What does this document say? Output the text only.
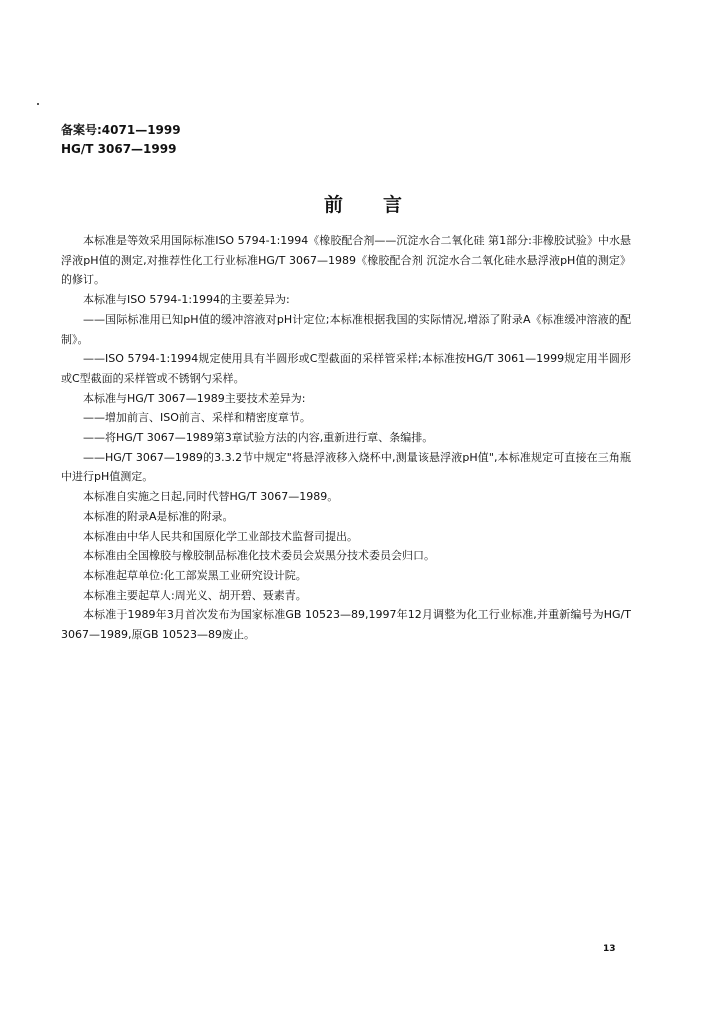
备案号:4071—1999
HG/T 3067—1999
前言

本标准是等效采用国际标准ISO 5794-1:1994《橡胶配合剂——沉淀水合二氧化硅 第1部分:非橡胶试验》中水悬浮液pH值的测定,对推荐性化工行业标准HG/T 3067—1989《橡胶配合剂 沉淀水合二氧化硅水悬浮液pH值的测定》的修订。

本标准与ISO 5794-1:1994的主要差异为:

——国际标准用已知pH值的缓冲溶液对pH计定位;本标准根据我国的实际情况,增添了附录A《标准缓冲溶液的配制》。

——ISO 5794-1:1994规定使用具有半圆形或C型截面的采样管采样;本标准按HG/T 3061—1999规定用半圆形或C型截面的采样管或不锈钢勺采样。

本标准与HG/T 3067—1989主要技术差异为:

——增加前言、ISO前言、采样和精密度章节。

——将HG/T 3067—1989第3章试验方法的内容,重新进行章、条编排。

——HG/T 3067—1989的3.3.2节中规定"将悬浮液移入烧杯中,测量该悬浮液pH值",本标准规定可直接在三角瓶中进行pH值测定。

本标准自实施之日起,同时代替HG/T 3067—1989。

本标准的附录A是标准的附录。

本标准由中华人民共和国原化学工业部技术监督司提出。

本标准由全国橡胶与橡胶制品标准化技术委员会炭黑分技术委员会归口。

本标准起草单位:化工部炭黑工业研究设计院。

本标准主要起草人:周光义、胡开碧、聂素青。

本标准于1989年3月首次发布为国家标准GB 10523—89,1997年12月调整为化工行业标准,并重新编号为HG/T 3067—1989,原GB 10523—89废止。

13
